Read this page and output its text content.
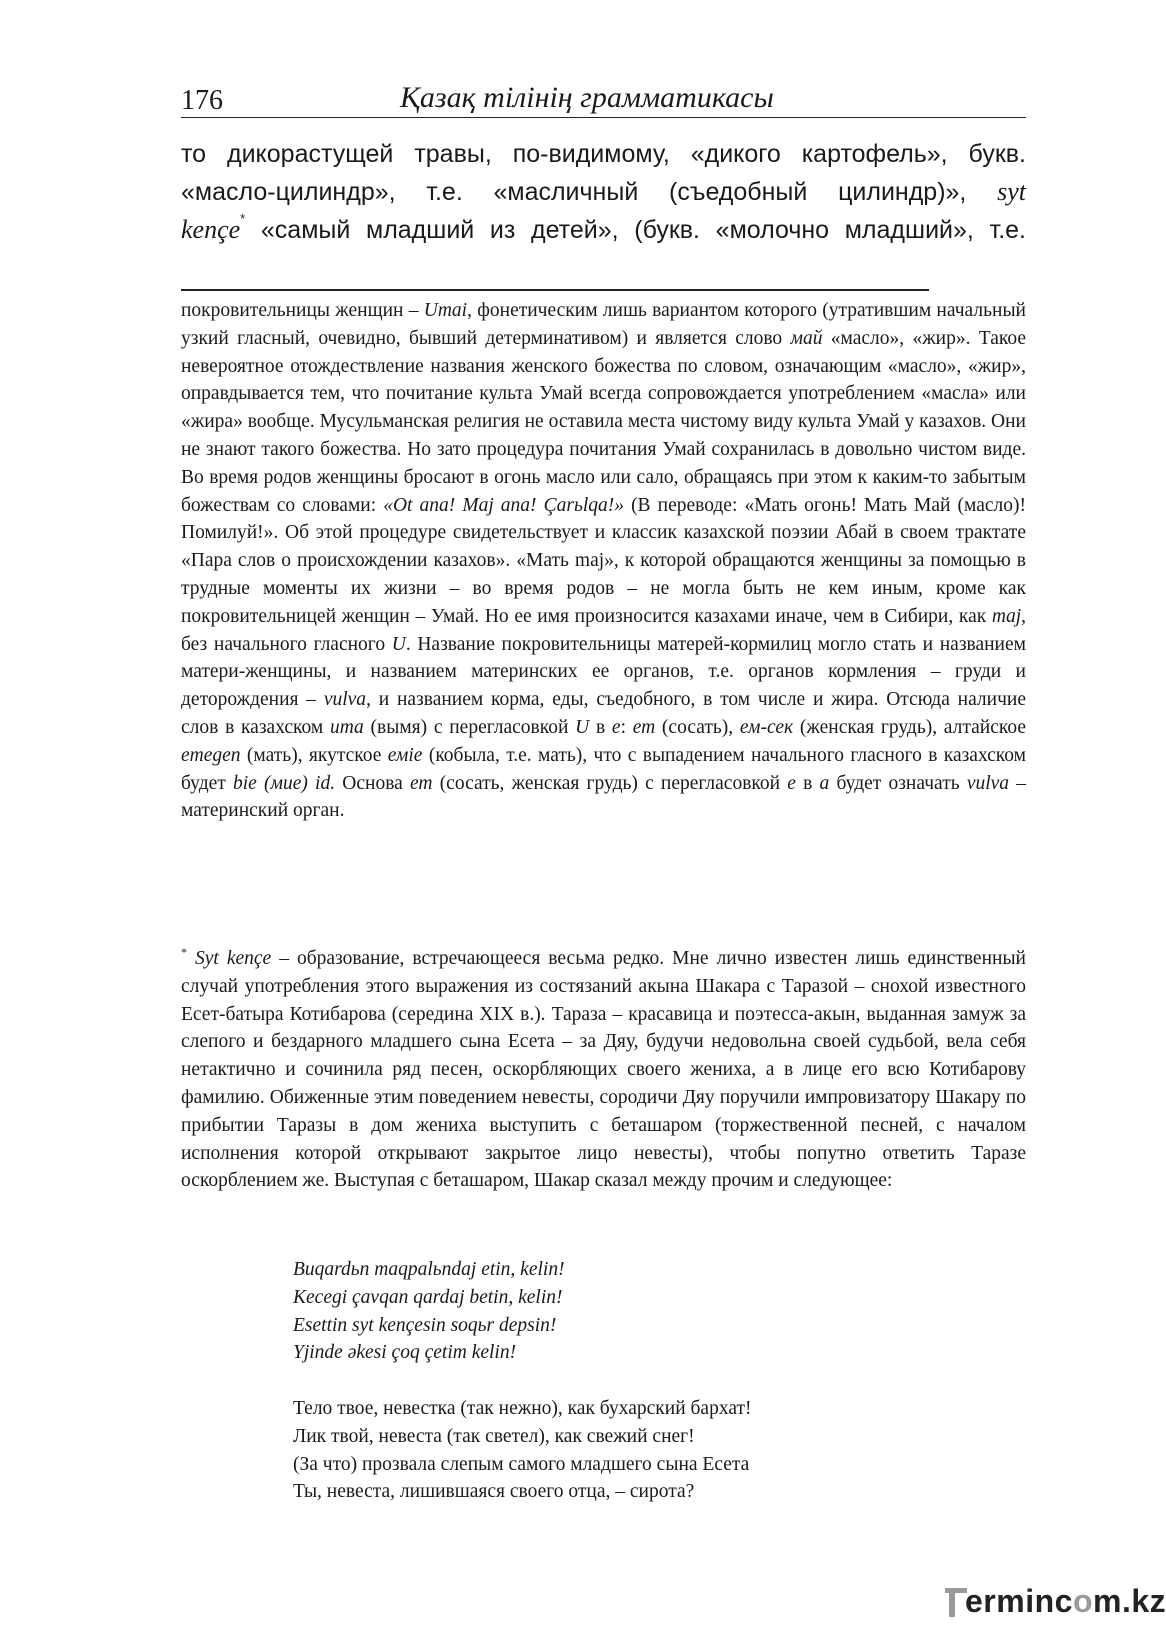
176	Қазақ тілінің грамматикасы
то дикорастущей травы, по-видимому, «дикого картофель», букв.
«масло-цилиндр», т.е. «масличный (съедобный цилиндр)», syt
kençe* «самый младший из детей», (букв. «молочно младший», т.е.
покровительницы женщин – Umai, фонетическим лишь вариантом которого (утратившим начальный узкий гласный, очевидно, бывший детерминативом) и является слово май «масло», «жир». Такое невероятное отождествление названия женского божества по словом, означающим «масло», «жир», оправдывается тем, что почитание культа Умай всегда сопровождается употреблением «масла» или «жира» вообще. Мусульманская религия не оставила места чистому виду культа Умай у казахов. Они не знают такого божества. Но зато процедура почитания Умай сохранилась в довольно чистом виде. Во время родов женщины бросают в огонь масло или сало, обращаясь при этом к каким-то забытым божествам со словами: «Ot ana! Maj ana! Çarьlqa!» (В переводе: «Мать огонь! Мать Май (масло)! Помилуй!». Об этой процедуре свидетельствует и классик казахской поэзии Абай в своем трактате «Пара слов о происхождении казахов». «Мать maj», к которой обращаются женщины за помощью в трудные моменты их жизни – во время родов – не могла быть не кем иным, кроме как покровительницей женщин – Умай. Но ее имя произносится казахами иначе, чем в Сибири, как maj, без начального гласного U. Название покровительницы матерей-кормилиц могло стать и названием матери-женщины, и названием материнских ее органов, т.е. органов кормления – груди и деторождения – vulva, и названием корма, еды, съедобного, в том числе и жира. Отсюда наличие слов в казахском ита (вымя) с перегласовкой U в е: ет (сосать), ем-сек (женская грудь), алтайское emegen (мать), якутское емie (кобыла, т.е. мать), что с выпадением начального гласного в казахском будет bie (мие) id. Основа ет (сосать, женская грудь) с перегласовкой е в а будет означать vulva – материнский орган.
* Syt kençe – образование, встречающееся весьма редко. Мне лично известен лишь единственный случай употребления этого выражения из состязаний акына Шакара с Таразой – снохой известного Есет-батыра Котибарова (середина XIX в.). Тараза – красавица и поэтесса-акын, выданная замуж за слепого и бездарного младшего сына Есета – за Дяу, будучи недовольна своей судьбой, вела себя нетактично и сочинила ряд песен, оскорбляющих своего жениха, а в лице его всю Котибарову фамилию. Обиженные этим поведением невесты, сородичи Дяу поручили импровизатору Шакару по прибытии Таразы в дом жениха выступить с беташаром (торжественной песней, с началом исполнения которой открывают закрытое лицо невесты), чтобы попутно ответить Таразе оскорблением же. Выступая с беташаром, Шакар сказал между прочим и следующее:
Buqardьn maqpalьndaj etin, kelin!
Kecegi çavqan qardaj betin, kelin!
Esettin syt kençesin soqьr depsin!
Yjinde əkesi çoq çetim kelin!
Тело твое, невестка (так нежно), как бухарский бархат!
Лик твой, невеста (так светел), как свежий снег!
(За что) прозвала слепым самого младшего сына Есета
Ты, невеста, лишившаяся своего отца, – сирота?
ermincom.kz
